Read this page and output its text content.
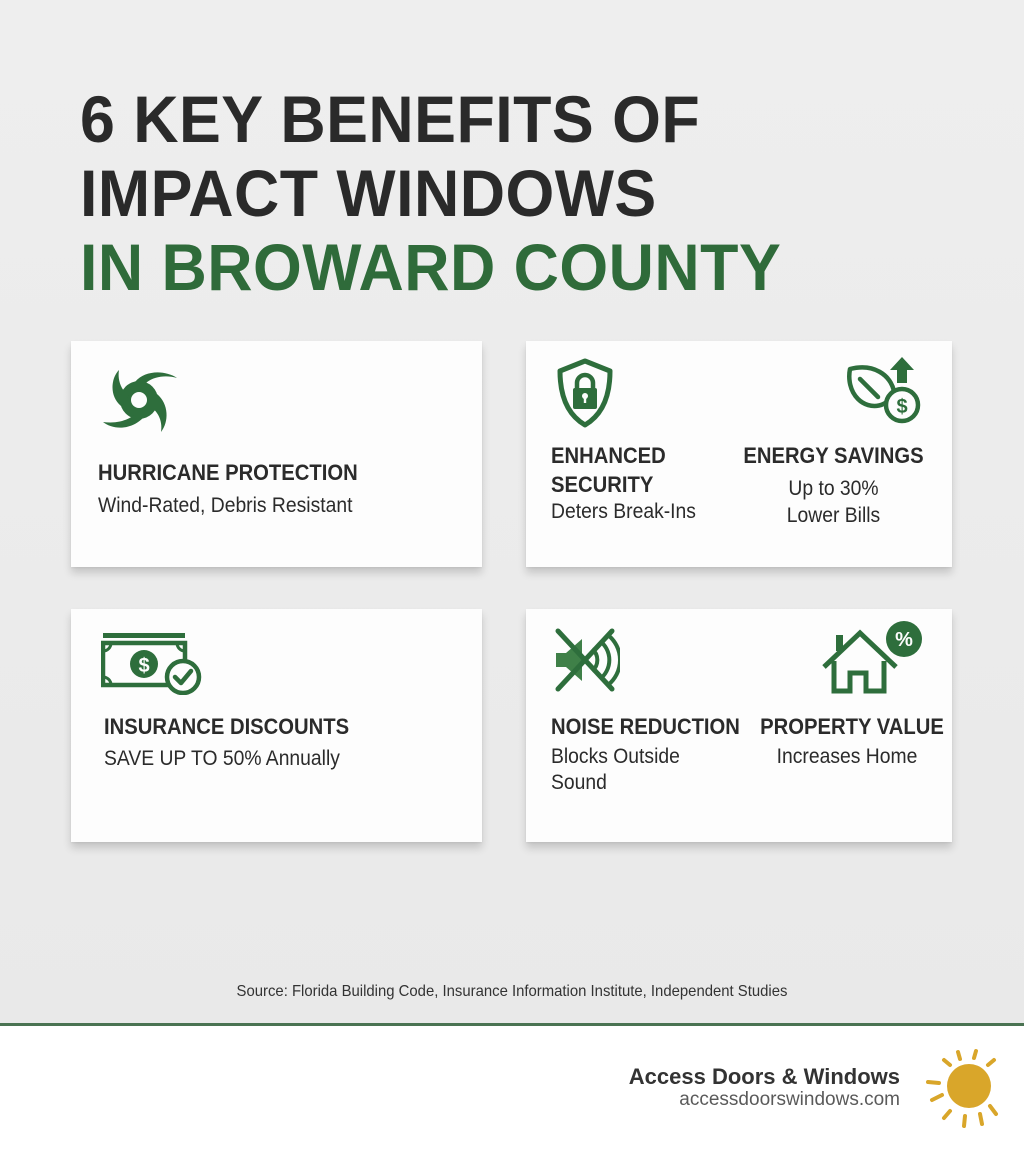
6 KEY BENEFITS OF
IMPACT WINDOWS
IN BROWARD COUNTY
HURRICANE PROTECTION
Wind-Rated, Debris Resistant
ENHANCED
SECURITY
Deters Break-Ins
$
ENERGY SAVINGS
Up to 30%
Lower Bills
$
INSURANCE DISCOUNTS
SAVE UP TO 50% Annually
NOISE REDUCTION
Blocks Outside
Sound
%
PROPERTY VALUE
Increases Home
Source: Florida Building Code, Insurance Information Institute, Independent Studies
Access Doors & Windows
accessdoorswindows.com
